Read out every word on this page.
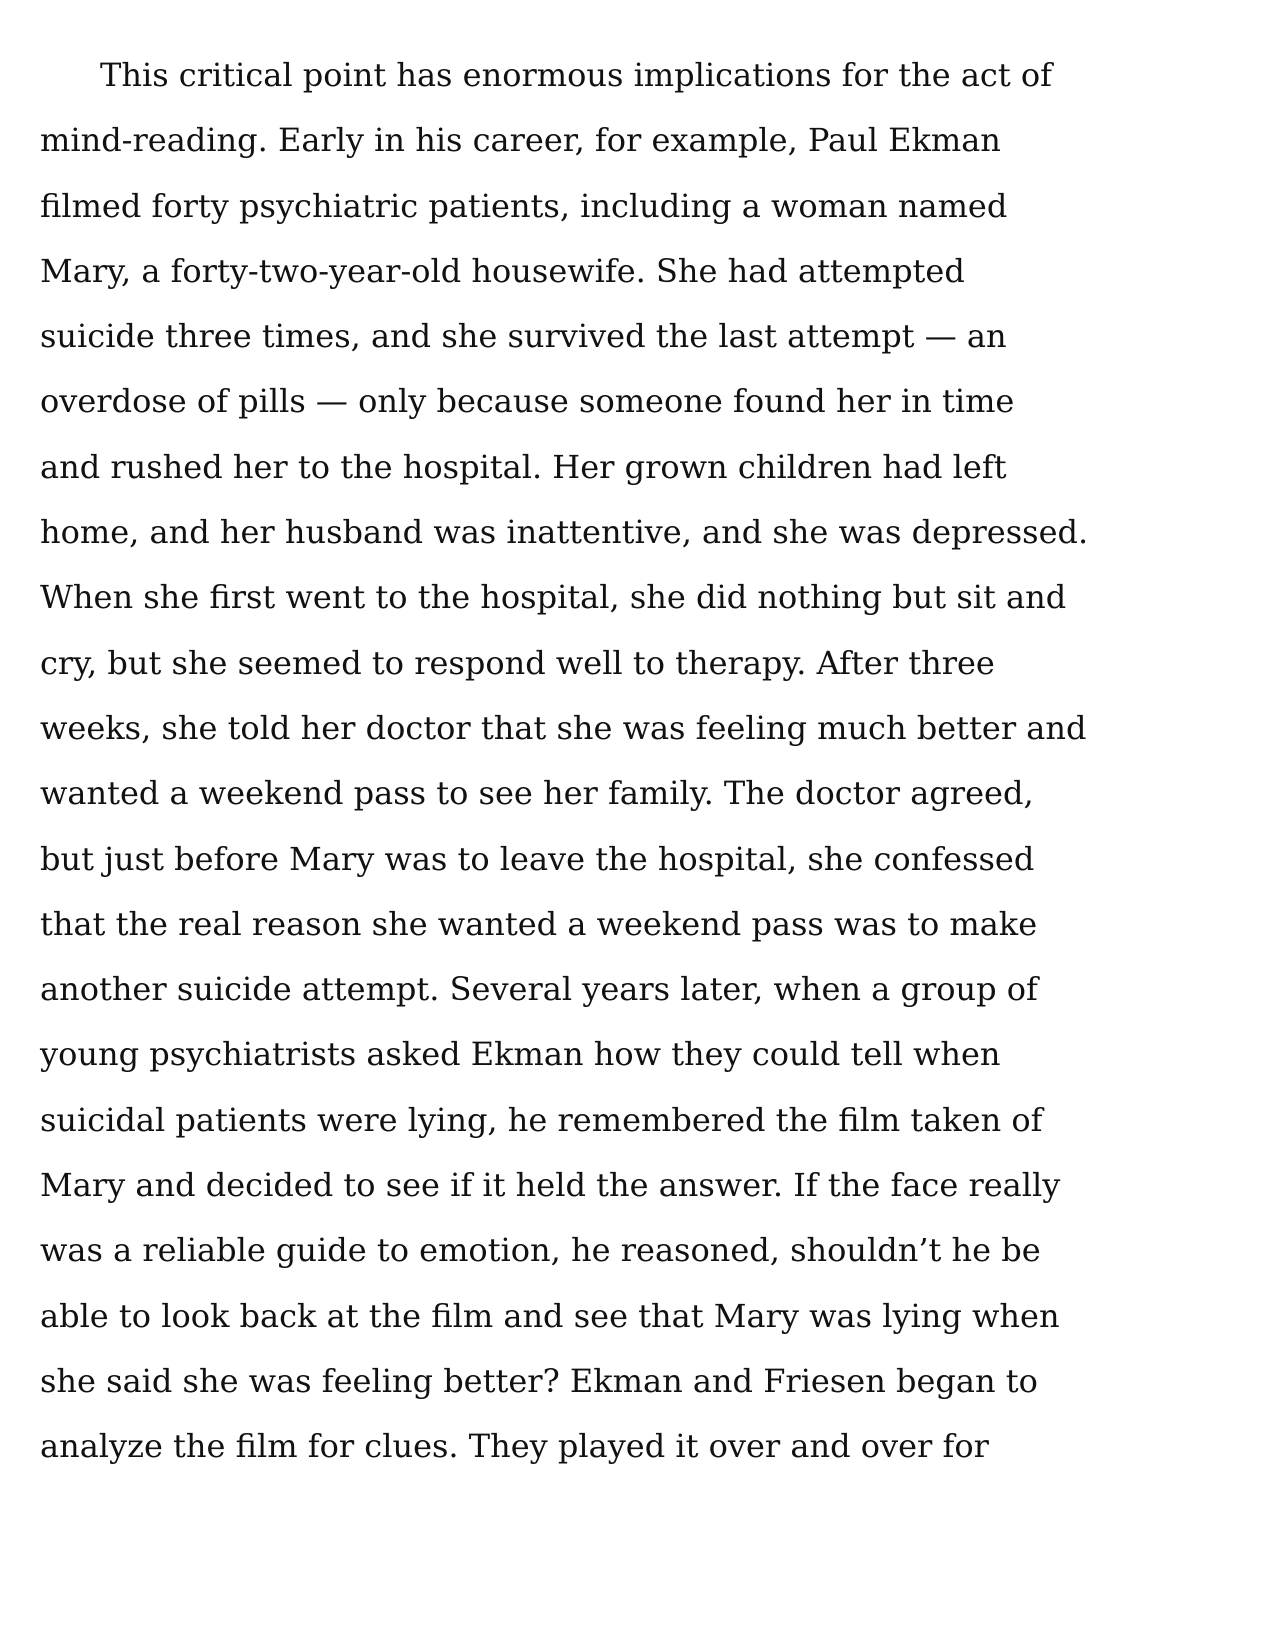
This critical point has enormous implications for the act of
mind-reading. Early in his career, for example, Paul Ekman
filmed forty psychiatric patients, including a woman named
Mary, a forty-two-year-old housewife. She had attempted
suicide three times, and she survived the last attempt — an
overdose of pills — only because someone found her in time
and rushed her to the hospital. Her grown children had left
home, and her husband was inattentive, and she was depressed.
When she first went to the hospital, she did nothing but sit and
cry, but she seemed to respond well to therapy. After three
weeks, she told her doctor that she was feeling much better and
wanted a weekend pass to see her family. The doctor agreed,
but just before Mary was to leave the hospital, she confessed
that the real reason she wanted a weekend pass was to make
another suicide attempt. Several years later, when a group of
young psychiatrists asked Ekman how they could tell when
suicidal patients were lying, he remembered the film taken of
Mary and decided to see if it held the answer. If the face really
was a reliable guide to emotion, he reasoned, shouldn’t he be
able to look back at the film and see that Mary was lying when
she said she was feeling better? Ekman and Friesen began to
analyze the film for clues. They played it over and over for
